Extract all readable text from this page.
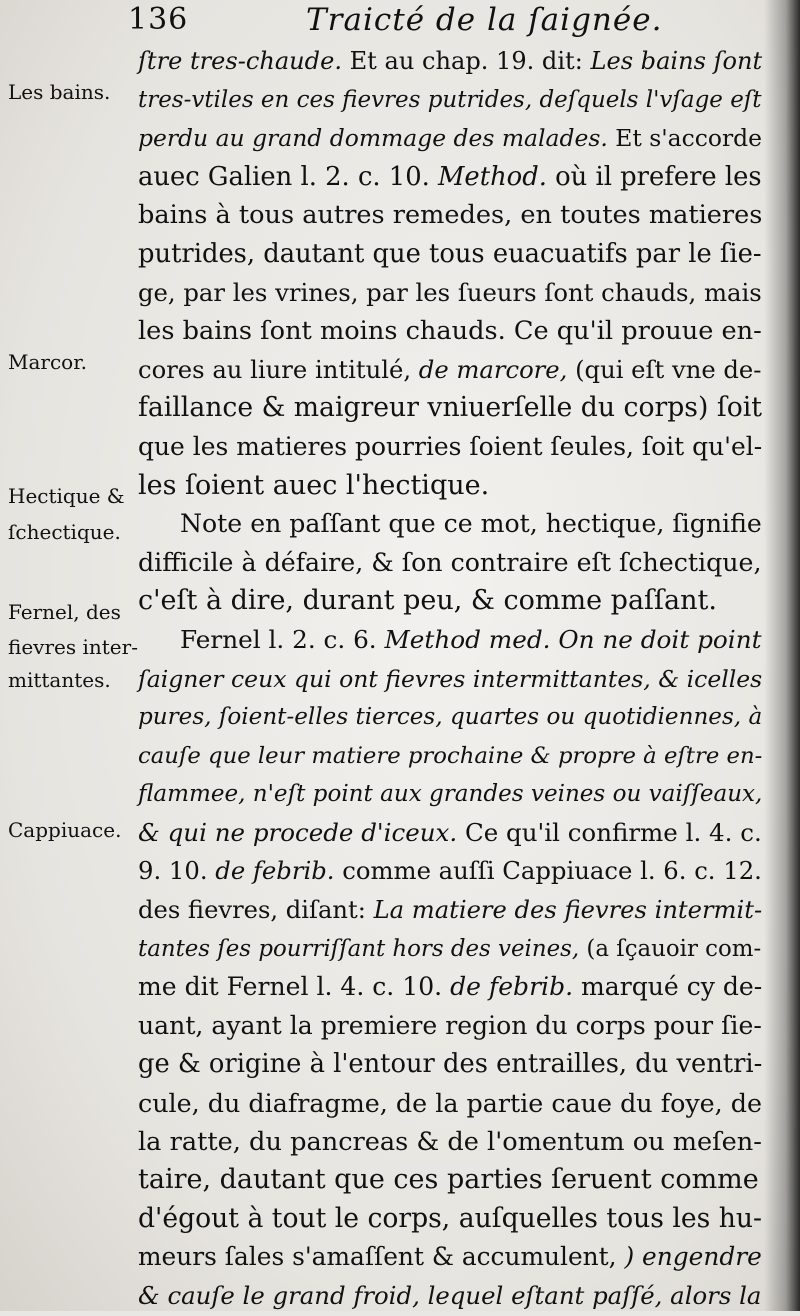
136	Traicté de la ſaignée.
Les bains.
Marcor.
Hectique &
ſchectique.
Fernel, des
fievres inter-
mittantes.
Cappiuace.
ſtre tres-chaude. Et au chap. 19. dit: Les bains ſont
tres-vtiles en ces fievres putrides, deſquels l'vſage eſt
perdu au grand dommage des malades. Et s'accorde
auec Galien l. 2. c. 10. Method. où il prefere les
bains à tous autres remedes, en toutes matieres
putrides, dautant que tous euacuatifs par le ſie-
ge, par les vrines, par les ſueurs ſont chauds, mais
les bains ſont moins chauds. Ce qu'il prouue en-
cores au liure intitulé, de marcore, (qui eſt vne de-
faillance & maigreur vniuerſelle du corps) ſoit
que les matieres pourries ſoient ſeules, ſoit qu'el-
les ſoient auec l'hectique.
Note en paſſant que ce mot, hectique, ſignifie
difficile à défaire, & ſon contraire eſt ſchectique,
c'eſt à dire, durant peu, & comme paſſant.
Fernel l. 2. c. 6. Method med. On ne doit point
ſaigner ceux qui ont fievres intermittantes, & icelles
pures, ſoient-elles tierces, quartes ou quotidiennes, à
cauſe que leur matiere prochaine & propre à eſtre en-
flammee, n'eſt point aux grandes veines ou vaiſſeaux,
& qui ne procede d'iceux. Ce qu'il confirme l. 4. c.
9. 10. de febrib. comme auſſi Cappiuace l. 6. c. 12.
des fievres, diſant: La matiere des fievres intermit-
tantes ſes pourriſſant hors des veines, (a ſçauoir com-
me dit Fernel l. 4. c. 10. de febrib. marqué cy de-
uant, ayant la premiere region du corps pour ſie-
ge & origine à l'entour des entrailles, du ventri-
cule, du diafragme, de la partie caue du foye, de
la ratte, du pancreas & de l'omentum ou meſen-
taire, dautant que ces parties ſeruent comme
d'égout à tout le corps, auſquelles tous les hu-
meurs ſales s'amaſſent & accumulent, ) engendre
& cauſe le grand froid, lequel eſtant paſſé, alors la
